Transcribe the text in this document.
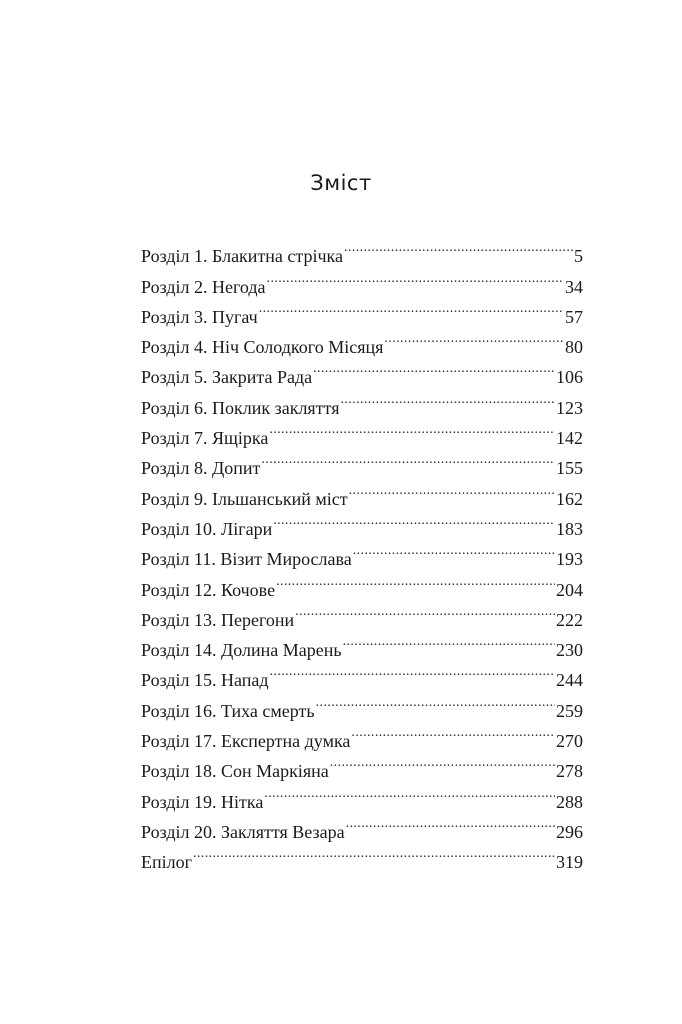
Зміст
Розділ 1. Блакитна стрічка .....	5
Розділ 2. Негода .....	34
Розділ 3. Пугач .....	57
Розділ 4. Ніч Солодкого Місяця .....	80
Розділ 5. Закрита Рада .....	106
Розділ 6. Поклик закляття .....	123
Розділ 7. Ящірка .....	142
Розділ 8. Допит .....	155
Розділ 9. Ільшанський міст .....	162
Розділ 10. Лігари .....	183
Розділ 11. Візит Мирослава .....	193
Розділ 12. Кочове .....	204
Розділ 13. Перегони .....	222
Розділ 14. Долина Марень .....	230
Розділ 15. Напад .....	244
Розділ 16. Тиха смерть .....	259
Розділ 17. Експертна думка .....	270
Розділ 18. Сон Маркіяна .....	278
Розділ 19. Нітка .....	288
Розділ 20. Закляття Везара .....	296
Епілог .....	319
